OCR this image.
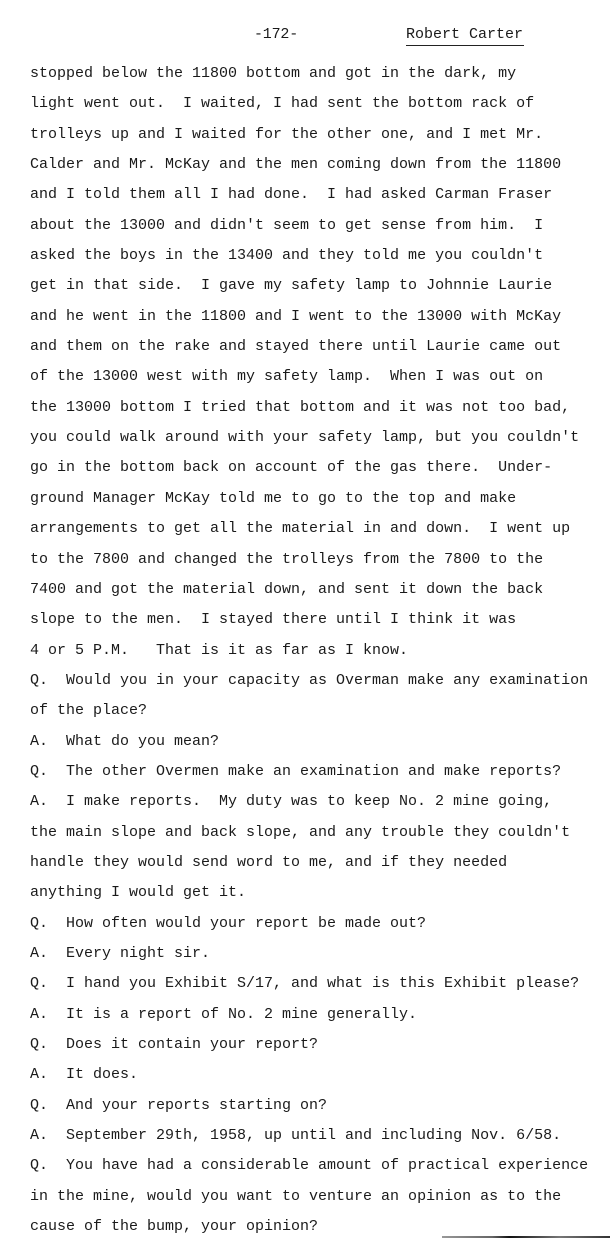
-172-	Robert Carter
stopped below the 11800 bottom and got in the dark, my
light went out.  I waited, I had sent the bottom rack of
trolleys up and I waited for the other one, and I met Mr.
Calder and Mr. McKay and the men coming down from the 11800
and I told them all I had done.  I had asked Carman Fraser
about the 13000 and didn't seem to get sense from him.  I
asked the boys in the 13400 and they told me you couldn't
get in that side.  I gave my safety lamp to Johnnie Laurie
and he went in the 11800 and I went to the 13000 with McKay
and them on the rake and stayed there until Laurie came out
of the 13000 west with my safety lamp.  When I was out on
the 13000 bottom I tried that bottom and it was not too bad,
you could walk around with your safety lamp, but you couldn't
go in the bottom back on account of the gas there.  Under-
ground Manager McKay told me to go to the top and make
arrangements to get all the material in and down.  I went up
to the 7800 and changed the trolleys from the 7800 to the
7400 and got the material down, and sent it down the back
slope to the men.  I stayed there until I think it was
4 or 5 P.M.   That is it as far as I know.
Q. Would you in your capacity as Overman make any examination
of the place?
A. What do you mean?
Q. The other Overmen make an examination and make reports?
A. I make reports.  My duty was to keep No. 2 mine going,
the main slope and back slope, and any trouble they couldn't
handle they would send word to me, and if they needed
anything I would get it.
Q. How often would your report be made out?
A. Every night sir.
Q. I hand you Exhibit S/17, and what is this Exhibit please?
A. It is a report of No. 2 mine generally.
Q. Does it contain your report?
A. It does.
Q. And your reports starting on?
A. September 29th, 1958, up until and including Nov. 6/58.
Q. You have had a considerable amount of practical experience
in the mine, would you want to venture an opinion as to the
cause of the bump, your opinion?
